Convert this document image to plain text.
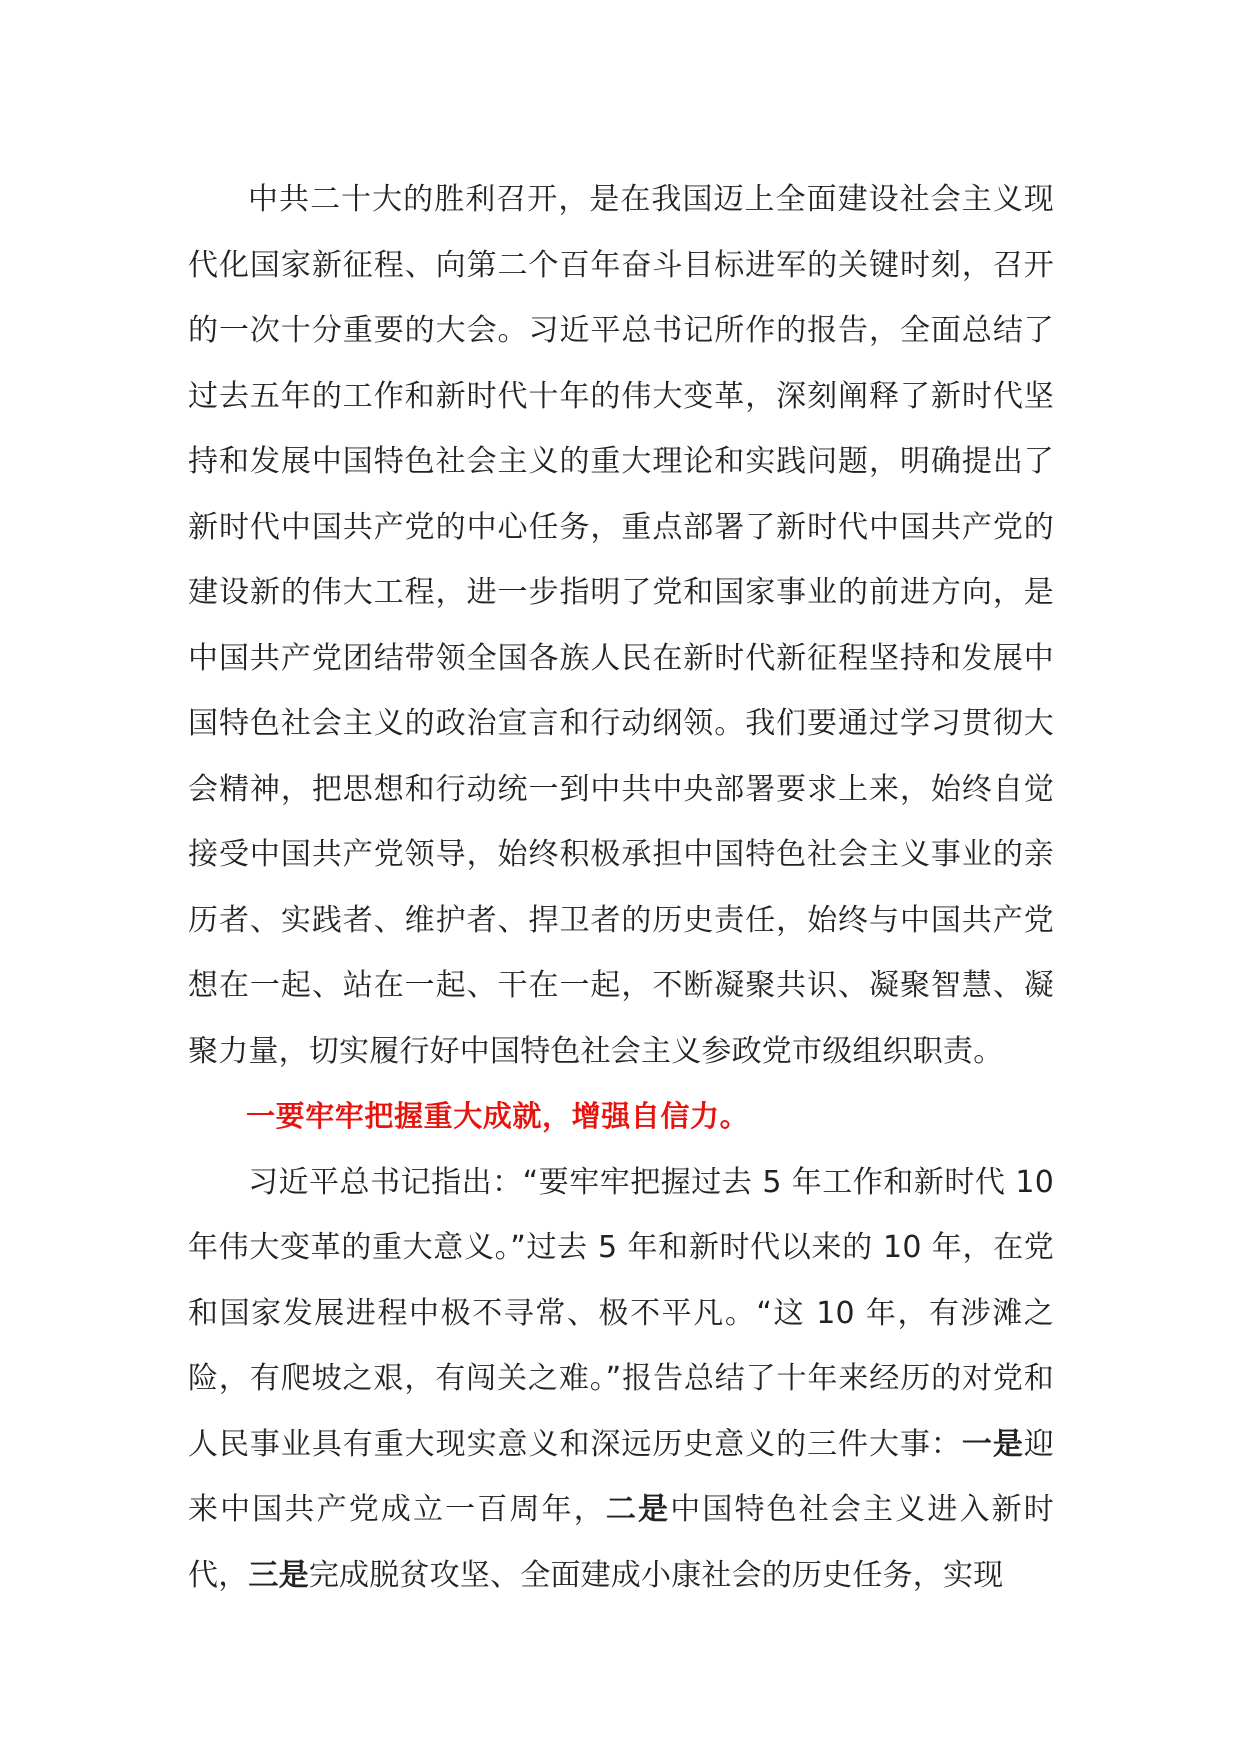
中共二十大的胜利召开，是在我国迈上全面建设社会主义现代化国家新征程、向第二个百年奋斗目标进军的关键时刻，召开的一次十分重要的大会。习近平总书记所作的报告，全面总结了过去五年的工作和新时代十年的伟大变革，深刻阐释了新时代坚持和发展中国特色社会主义的重大理论和实践问题，明确提出了新时代中国共产党的中心任务，重点部署了新时代中国共产党的建设新的伟大工程，进一步指明了党和国家事业的前进方向，是中国共产党团结带领全国各族人民在新时代新征程坚持和发展中国特色社会主义的政治宣言和行动纲领。我们要通过学习贯彻大会精神，把思想和行动统一到中共中央部署要求上来，始终自觉接受中国共产党领导，始终积极承担中国特色社会主义事业的亲历者、实践者、维护者、捍卫者的历史责任，始终与中国共产党想在一起、站在一起、干在一起，不断凝聚共识、凝聚智慧、凝聚力量，切实履行好中国特色社会主义参政党市级组织职责。

一要牢牢把握重大成就，增强自信力。

习近平总书记指出：“要牢牢把握过去 5 年工作和新时代 10 年伟大变革的重大意义。”过去 5 年和新时代以来的 10 年，在党和国家发展进程中极不寻常、极不平凡。“这 10 年，有涉滩之险，有爬坡之艰，有闯关之难。”报告总结了十年来经历的对党和人民事业具有重大现实意义和深远历史意义的三件大事：一是迎来中国共产党成立一百周年，二是中国特色社会主义进入新时代，三是完成脱贫攻坚、全面建成小康社会的历史任务，实现
